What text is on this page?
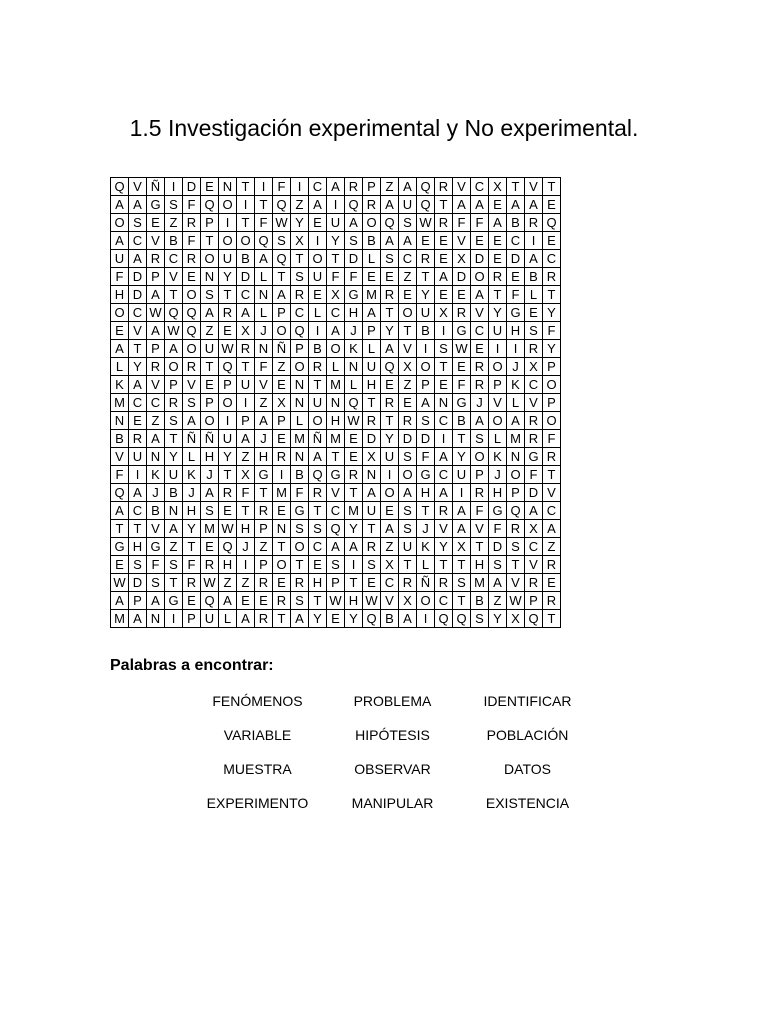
1.5 Investigación experimental y No experimental.
Q	V	Ñ	I	D	E	N	T	I	F	I	C	A	R	P	Z	A	Q	R	V	C	X	T	V	T
A	A	G	S	F	Q	O	I	T	Q	Z	A	I	Q	R	A	U	Q	T	A	A	E	A	A	E
O	S	E	Z	R	P	I	T	F	W	Y	E	U	A	O	Q	S	W	R	F	F	A	B	R	Q
A	C	V	B	F	T	O	O	Q	S	X	I	Y	S	B	A	A	E	E	V	E	E	C	I	E
U	A	R	C	R	O	U	B	A	Q	T	O	T	D	L	S	C	R	E	X	D	E	D	A	C
F	D	P	V	E	N	Y	D	L	T	S	U	F	F	E	E	Z	T	A	D	O	R	E	B	R
H	D	A	T	O	S	T	C	N	A	R	E	X	G	M	R	E	Y	E	E	A	T	F	L	T
O	C	W	Q	Q	A	R	A	L	P	C	L	C	H	A	T	O	U	X	R	V	Y	G	E	Y
E	V	A	W	Q	Z	E	X	J	O	Q	I	A	J	P	Y	T	B	I	G	C	U	H	S	F
A	T	P	A	O	U	W	R	N	Ñ	P	B	O	K	L	A	V	I	S	W	E	I	I	R	Y
L	Y	R	O	R	T	Q	T	F	Z	O	R	L	N	U	Q	X	O	T	E	R	O	J	X	P
K	A	V	P	V	E	P	U	V	E	N	T	M	L	H	E	Z	P	E	F	R	P	K	C	O
M	C	C	R	S	P	O	I	Z	X	N	U	N	Q	T	R	E	A	N	G	J	V	L	V	P
N	E	Z	S	A	O	I	P	A	P	L	O	H	W	R	T	R	S	C	B	A	O	A	R	O
B	R	A	T	Ñ	Ñ	U	A	J	E	M	Ñ	M	E	D	Y	D	D	I	T	S	L	M	R	F
V	U	N	Y	L	H	Y	Z	H	R	N	A	T	E	X	U	S	F	A	Y	O	K	N	G	R
F	I	K	U	K	J	T	X	G	I	B	Q	G	R	N	I	O	G	C	U	P	J	O	F	T
Q	A	J	B	J	A	R	F	T	M	F	R	V	T	A	O	A	H	A	I	R	H	P	D	V
A	C	B	N	H	S	E	T	R	E	G	T	C	M	U	E	S	T	R	A	F	G	Q	A	C
T	T	V	A	Y	M	W	H	P	N	S	S	Q	Y	T	A	S	J	V	A	V	F	R	X	A
G	H	G	Z	T	E	Q	J	Z	T	O	C	A	A	R	Z	U	K	Y	X	T	D	S	C	Z
E	S	F	S	F	R	H	I	P	O	T	E	S	I	S	X	T	L	T	T	H	S	T	V	R
W	D	S	T	R	W	Z	Z	R	E	R	H	P	T	E	C	R	Ñ	R	S	M	A	V	R	E
A	P	A	G	E	Q	A	E	E	R	S	T	W	H	W	V	X	O	C	T	B	Z	W	P	R
M	A	N	I	P	U	L	A	R	T	A	Y	E	Y	Q	B	A	I	Q	Q	S	Y	X	Q	T
Palabras a encontrar:
FENÓMENOS	PROBLEMA	IDENTIFICAR
VARIABLE	HIPÓTESIS	POBLACIÓN
MUESTRA	OBSERVAR	DATOS
EXPERIMENTO	MANIPULAR	EXISTENCIA
